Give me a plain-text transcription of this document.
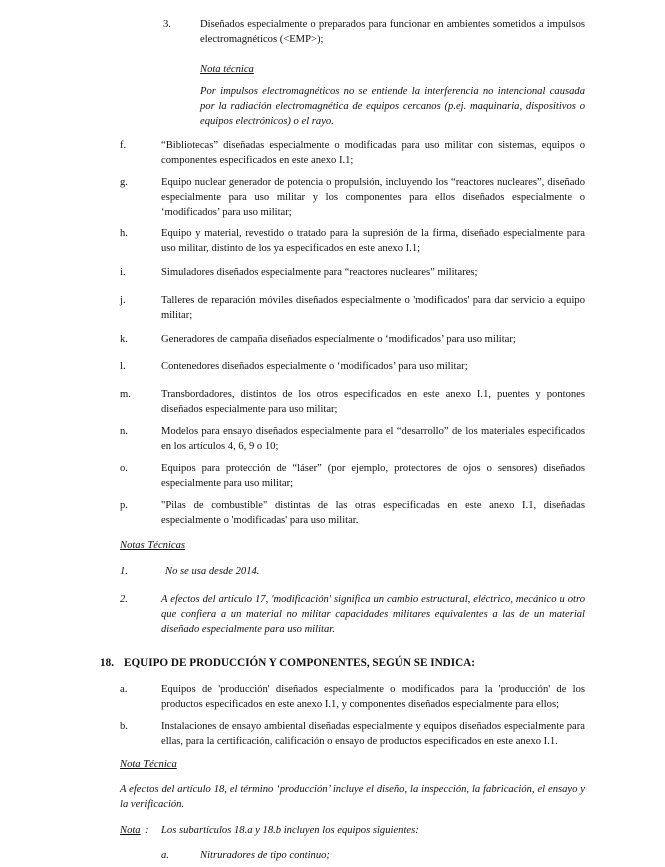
3.	Diseñados especialmente o preparados para funcionar en ambientes sometidos a impulsos electromagnéticos (<EMP>);
Nota técnica
Por impulsos electromagnéticos no se entiende la interferencia no intencional causada por la radiación electromagnética de equipos cercanos (p.ej. maquinaria, dispositivos o equipos electrónicos) o el rayo.
f.	“Bibliotecas” diseñadas especialmente o modificadas para uso militar con sistemas, equipos o componentes especificados en este anexo I.1;
g.	Equipo nuclear generador de potencia o propulsión, incluyendo los “reactores nucleares”, diseñado especialmente para uso militar y los componentes para ellos diseñados especialmente o ‘modificados’ para uso militar;
h.	Equipo y material, revestido o tratado para la supresión de la firma, diseñado especialmente para uso militar, distinto de los ya especificados en este anexo I.1;
i.	Simuladores diseñados especialmente para “reactores nucleares” militares;
j.	Talleres de reparación móviles diseñados especialmente o 'modificados' para dar servicio a equipo militar;
k.	Generadores de campaña diseñados especialmente o ‘modificados’ para uso militar;
l.	Contenedores diseñados especialmente o ‘modificados’ para uso militar;
m.	Transbordadores, distintos de los otros especificados en este anexo I.1, puentes y pontones diseñados especialmente para uso militar;
n.	Modelos para ensayo diseñados especialmente para el “desarrollo” de los materiales especificados en los artículos 4, 6, 9 o 10;
o.	Equipos para protección de “láser” (por ejemplo, protectores de ojos o sensores) diseñados especialmente para uso militar;
p.	"Pilas de combustible" distintas de las otras especificadas en este anexo I.1, diseñadas especialmente o 'modificadas' para uso militar.
Notas Técnicas
1.	No se usa desde 2014.
2.	A efectos del artículo 17, 'modificación' significa un cambio estructural, eléctrico, mecánico u otro que confiera a un material no militar capacidades militares equivalentes a las de un material diseñado especialmente para uso militar.
18. EQUIPO DE PRODUCCIÓN Y COMPONENTES, SEGÚN SE INDICA:
a.	Equipos de 'producción' diseñados especialmente o modificados para la 'producción' de los productos especificados en este anexo I.1, y componentes diseñados especialmente para ellos;
b.	Instalaciones de ensayo ambiental diseñadas especialmente y equipos diseñados especialmente para ellas, para la certificación, calificación o ensayo de productos especificados en este anexo I.1.
Nota Técnica
A efectos del artículo 18, el término ‘producción’ incluye el diseño, la inspección, la fabricación, el ensayo y la verificación.
Nota : Los subartículos 18.a y 18.b incluyen los equipos siguientes:
a.	Nitruradores de tipo continuo;
